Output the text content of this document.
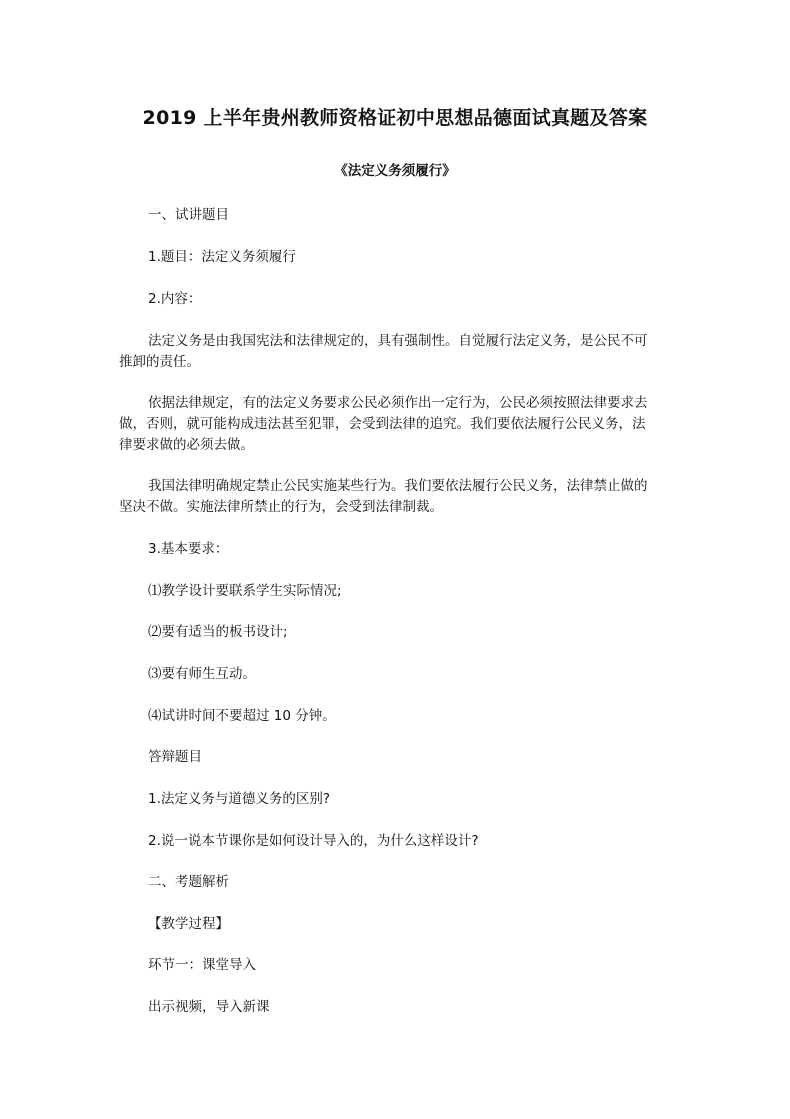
2019 上半年贵州教师资格证初中思想品德面试真题及答案
《法定义务须履行》
一、试讲题目
1.题目：法定义务须履行
2.内容：
法定义务是由我国宪法和法律规定的，具有强制性。自觉履行法定义务，是公民不可
推卸的责任。
依据法律规定，有的法定义务要求公民必须作出一定行为，公民必须按照法律要求去
做，否则，就可能构成违法甚至犯罪，会受到法律的追究。我们要依法履行公民义务，法
律要求做的必须去做。
我国法律明确规定禁止公民实施某些行为。我们要依法履行公民义务，法律禁止做的
坚决不做。实施法律所禁止的行为，会受到法律制裁。
3.基本要求：
⑴教学设计要联系学生实际情况;
⑵要有适当的板书设计;
⑶要有师生互动。
⑷试讲时间不要超过 10 分钟。
答辩题目
1.法定义务与道德义务的区别?
2.说一说本节课你是如何设计导入的，为什么这样设计?
二、考题解析
【教学过程】
环节一：课堂导入
出示视频，导入新课
